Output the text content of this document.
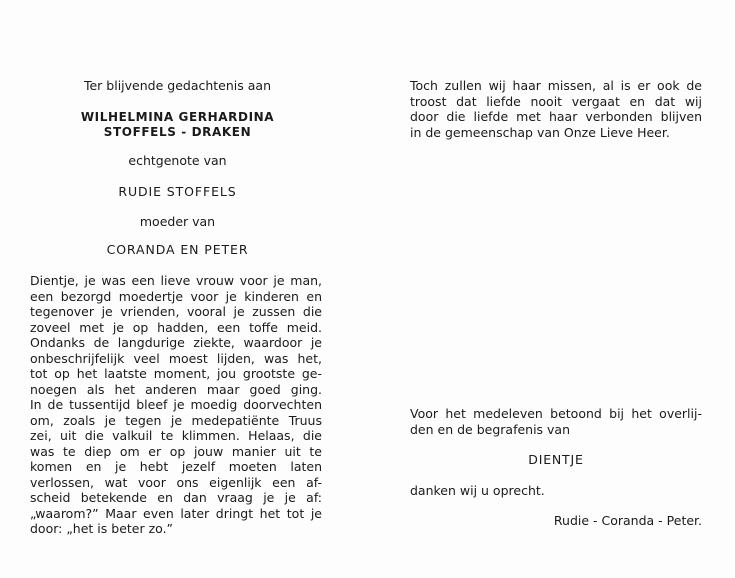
Ter blijvende gedachtenis aan
WILHELMINA GERHARDINA
STOFFELS - DRAKEN
echtgenote van
RUDIE STOFFELS
moeder van
CORANDA EN PETER
Dientje, je was een lieve vrouw voor je man,
een bezorgd moedertje voor je kinderen en
tegenover je vrienden, vooral je zussen die
zoveel met je op hadden, een toffe meid.
Ondanks de langdurige ziekte, waardoor je
onbeschrijfelijk veel moest lijden, was het,
tot op het laatste moment, jou grootste ge-
noegen als het anderen maar goed ging.
In de tussentijd bleef je moedig doorvechten
om, zoals je tegen je medepatiënte Truus
zei, uit die valkuil te klimmen. Helaas, die
was te diep om er op jouw manier uit te
komen en je hebt jezelf moeten laten
verlossen, wat voor ons eigenlijk een af-
scheid betekende en dan vraag je je af:
„waarom?” Maar even later dringt het tot je
door: „het is beter zo.”
Toch zullen wij haar missen, al is er ook de
troost dat liefde nooit vergaat en dat wij
door die liefde met haar verbonden blijven
in de gemeenschap van Onze Lieve Heer.
Voor het medeleven betoond bij het overlij-
den en de begrafenis van
DIENTJE
danken wij u oprecht.
Rudie - Coranda - Peter.
